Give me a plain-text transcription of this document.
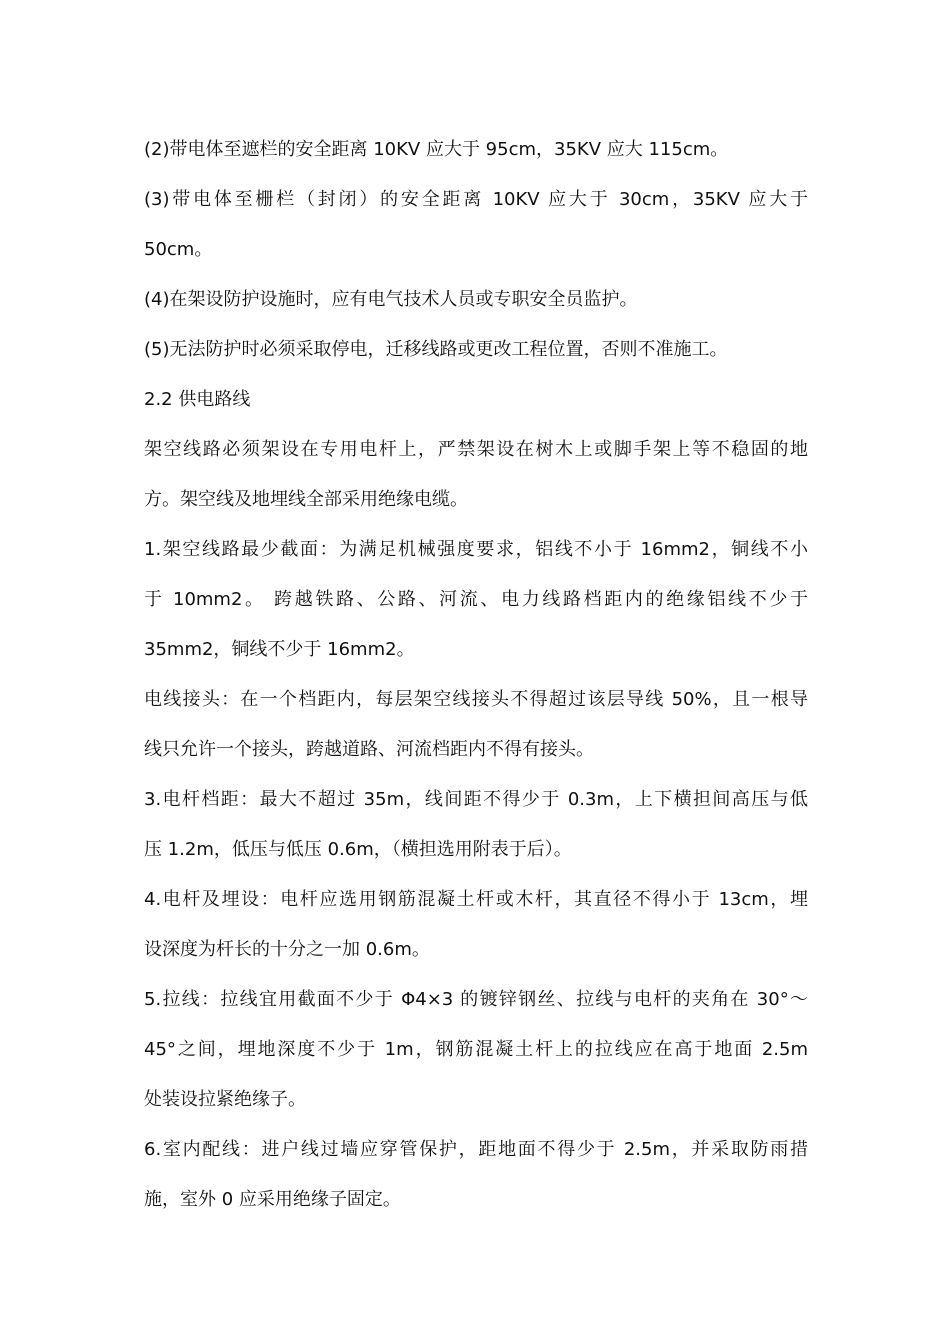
(2)带电体至遮栏的安全距离 10KV 应大于 95cm，35KV 应大 115cm。
(3)带电体至栅栏（封闭）的安全距离 10KV 应大于 30cm，35KV 应大于
50cm。
(4)在架设防护设施时，应有电气技术人员或专职安全员监护。
(5)无法防护时必须采取停电，迁移线路或更改工程位置，否则不准施工。
2.2 供电路线
架空线路必须架设在专用电杆上，严禁架设在树木上或脚手架上等不稳固的地
方。架空线及地埋线全部采用绝缘电缆。
1.架空线路最少截面：为满足机械强度要求，铝线不小于 16mm2，铜线不小
于 10mm2。 跨越铁路、公路、河流、电力线路档距内的绝缘铝线不少于
35mm2，铜线不少于 16mm2。
电线接头：在一个档距内，每层架空线接头不得超过该层导线 50%，且一根导
线只允许一个接头，跨越道路、河流档距内不得有接头。
3.电杆档距：最大不超过 35m，线间距不得少于 0.3m，上下横担间高压与低
压 1.2m，低压与低压 0.6m，（横担选用附表于后）。
4.电杆及埋设：电杆应选用钢筋混凝土杆或木杆，其直径不得小于 13cm，埋
设深度为杆长的十分之一加 0.6m。
5.拉线：拉线宜用截面不少于 Φ4×3 的镀锌钢丝、拉线与电杆的夹角在 30°～
45°之间，埋地深度不少于 1m，钢筋混凝土杆上的拉线应在高于地面 2.5m
处装设拉紧绝缘子。
6.室内配线：进户线过墙应穿管保护，距地面不得少于 2.5m，并采取防雨措
施，室外 0 应采用绝缘子固定。
